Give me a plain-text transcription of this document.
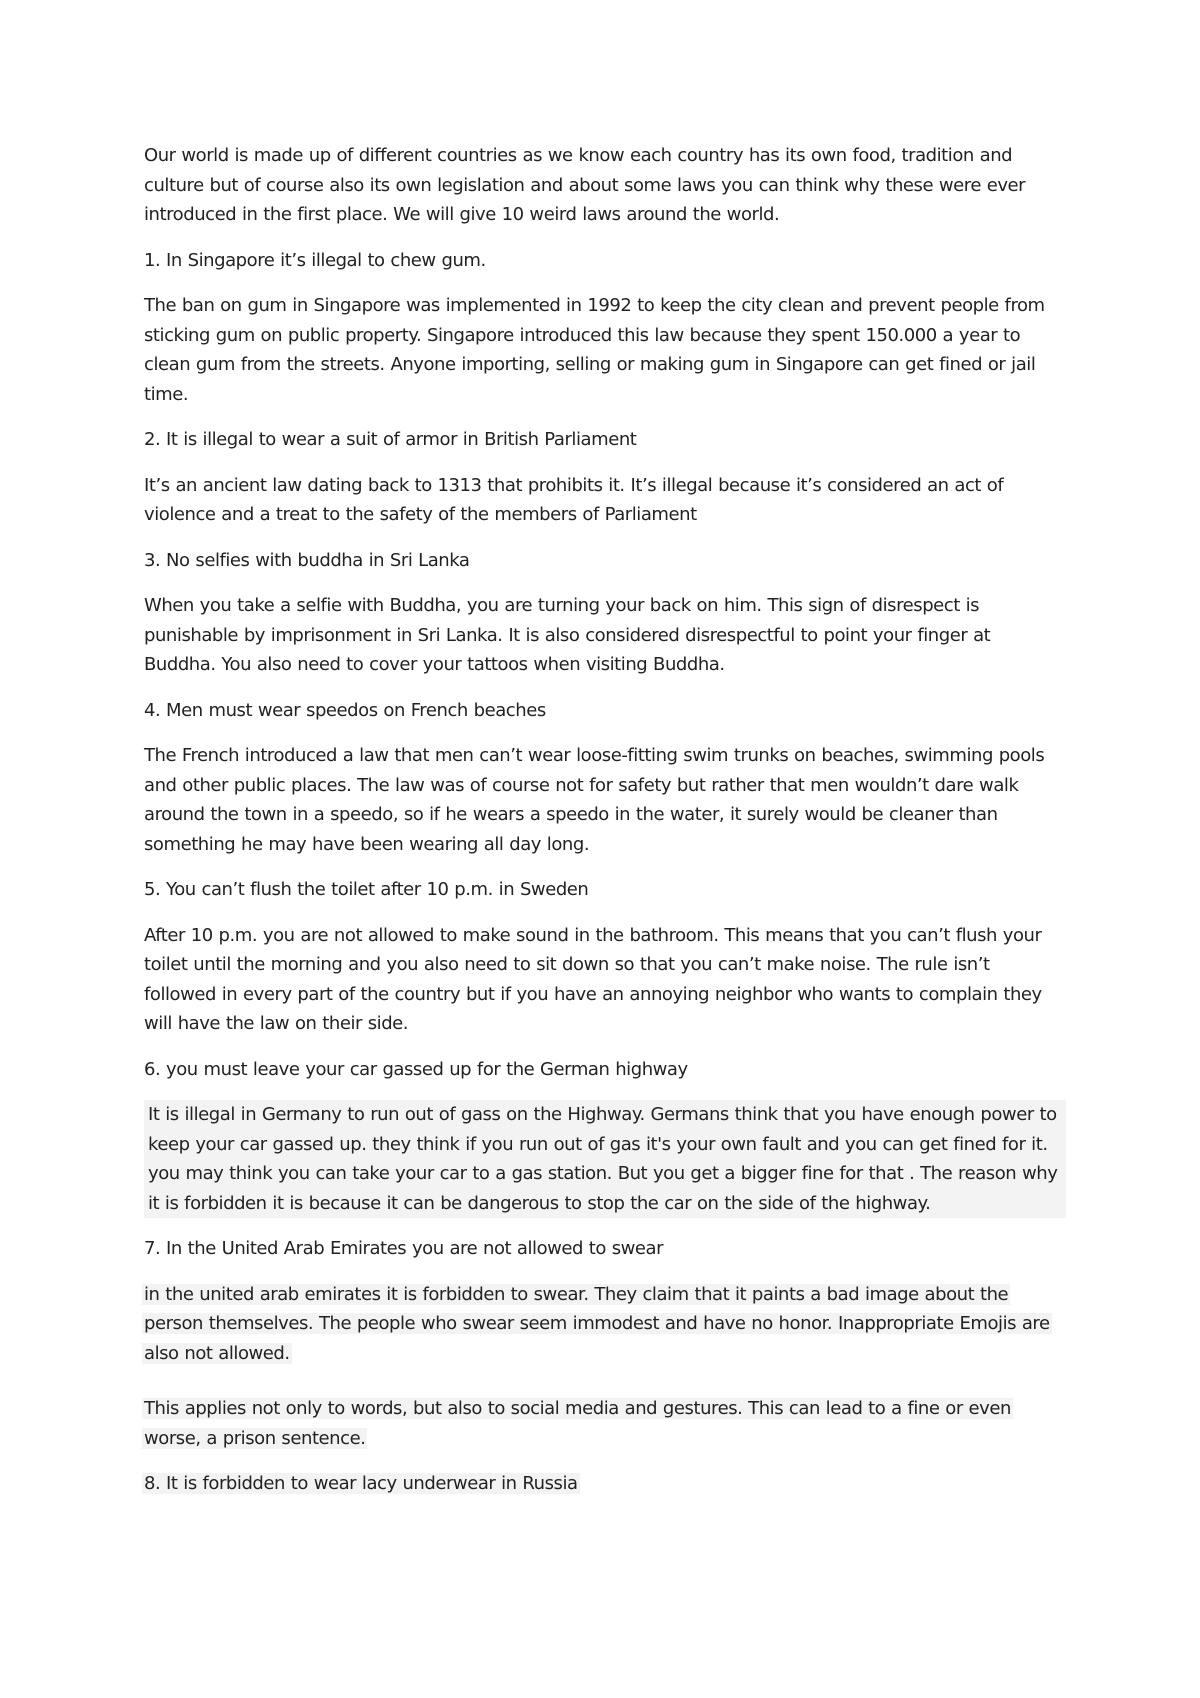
Our world is made up of different countries as we know each country has its own food, tradition and culture but of course also its own legislation and about some laws you can think why these were ever introduced in the first place. We will give 10 weird laws around the world.

1. In Singapore it’s illegal to chew gum.

The ban on gum in Singapore was implemented in 1992 to keep the city clean and prevent people from sticking gum on public property. Singapore introduced this law because they spent 150.000 a year to clean gum from the streets. Anyone importing, selling or making gum in Singapore can get fined or jail time.

2. It is illegal to wear a suit of armor in British Parliament

It’s an ancient law dating back to 1313 that prohibits it. It’s illegal because it’s considered an act of violence and a treat to the safety of the members of Parliament

3. No selfies with buddha in Sri Lanka

When you take a selfie with Buddha, you are turning your back on him. This sign of disrespect is punishable by imprisonment in Sri Lanka. It is also considered disrespectful to point your finger at Buddha. You also need to cover your tattoos when visiting Buddha.

4. Men must wear speedos on French beaches

The French introduced a law that men can’t wear loose-fitting swim trunks on beaches, swimming pools and other public places. The law was of course not for safety but rather that men wouldn’t dare walk around the town in a speedo, so if he wears a speedo in the water, it surely would be cleaner than something he may have been wearing all day long.

5. You can’t flush the toilet after 10 p.m. in Sweden

After 10 p.m. you are not allowed to make sound in the bathroom. This means that you can’t flush your toilet until the morning and you also need to sit down so that you can’t make noise. The rule isn’t followed in every part of the country but if you have an annoying neighbor who wants to complain they will have the law on their side.

6. you must leave your car gassed up for the German highway

It is illegal in Germany to run out of gass on the Highway. Germans think that you have enough power to keep your car gassed up. they think if you run out of gas it's your own fault and you can get fined for it. you may think you can take your car to a gas station. But you get a bigger fine for that . The reason why it is forbidden it is because it can be dangerous to stop the car on the side of the highway.

7. In the United Arab Emirates you are not allowed to swear

in the united arab emirates it is forbidden to swear. They claim that it paints a bad image about the person themselves. The people who swear seem immodest and have no honor. Inappropriate Emojis are also not allowed.

This applies not only to words, but also to social media and gestures. This can lead to a fine or even worse, a prison sentence.

8. It is forbidden to wear lacy underwear in Russia
